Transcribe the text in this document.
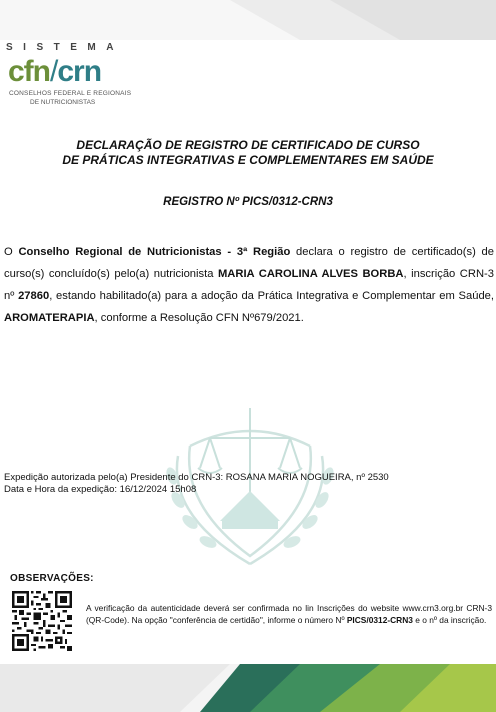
SISTEMA
cfn/crn
CONSELHOS FEDERAL E REGIONAIS
DE NUTRICIONISTAS
DECLARAÇÃO DE REGISTRO DE CERTIFICADO DE CURSO
DE PRÁTICAS INTEGRATIVAS E COMPLEMENTARES EM SAÚDE
REGISTRO Nº PICS/0312-CRN3
O Conselho Regional de Nutricionistas - 3ª Região declara o registro de certificado(s) de curso(s) concluído(s) pelo(a) nutricionista MARIA CAROLINA ALVES BORBA, inscrição CRN-3 nº 27860, estando habilitado(a) para a adoção da Prática Integrativa e Complementar em Saúde, AROMATERAPIA, conforme a Resolução CFN Nº679/2021.
Expedição autorizada pelo(a) Presidente do CRN-3: ROSANA MARIA NOGUEIRA, nº 2530
Data e Hora da expedição: 16/12/2024 15h08
OBSERVAÇÕES:
A verificação da autenticidade deverá ser confirmada no lin Inscrições do website www.crn3.org.br CRN-3 (QR-Code). Na opção "conferência de certidão", informe o número Nº PICS/0312-CRN3 e o nº da inscrição.
